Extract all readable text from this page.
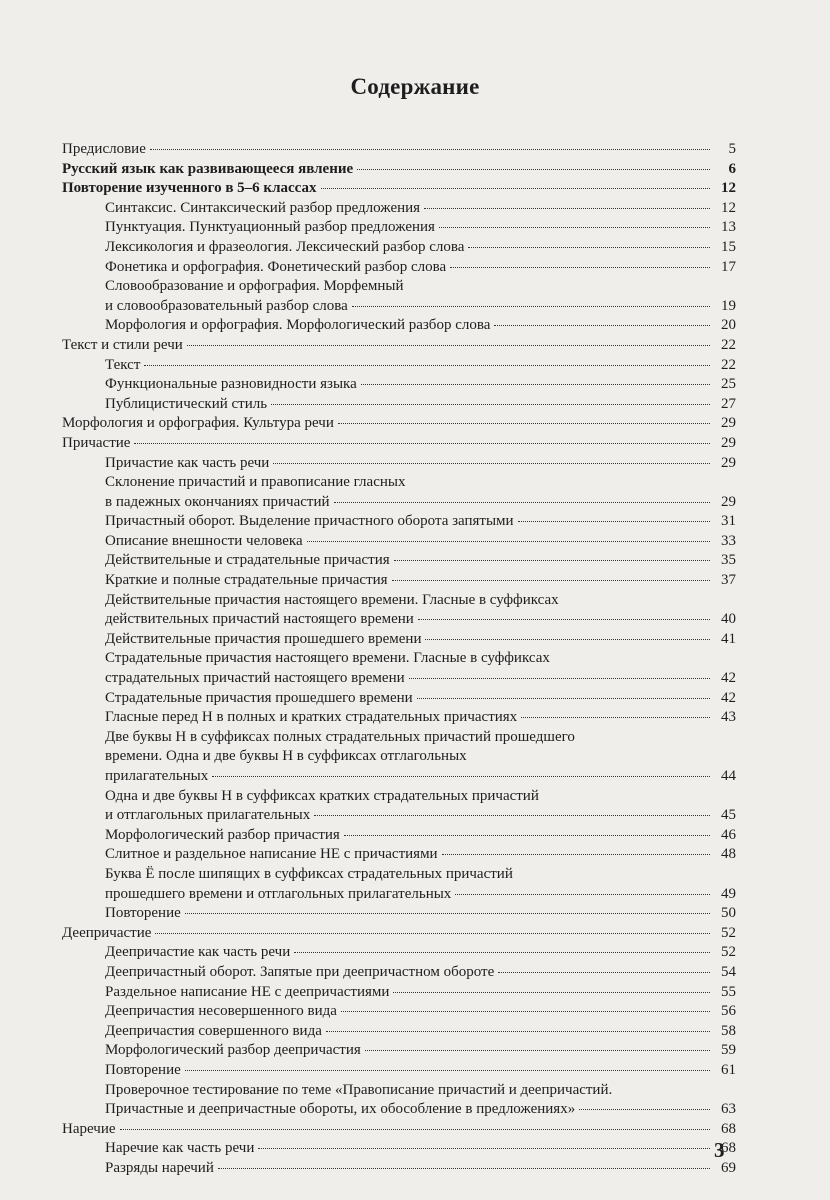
Содержание
Предисловие	5
Русский язык как развивающееся явление	6
Повторение изученного в 5–6 классах	12
Синтаксис. Синтаксический разбор предложения	12
Пунктуация. Пунктуационный разбор предложения	13
Лексикология и фразеология. Лексический разбор слова	15
Фонетика и орфография. Фонетический разбор слова	17
Словообразование и орфография. Морфемный
и словообразовательный разбор слова	19
Морфология и орфография. Морфологический разбор слова	20
Текст и стили речи	22
Текст	22
Функциональные разновидности языка	25
Публицистический стиль	27
Морфология и орфография. Культура речи	29
Причастие	29
Причастие как часть речи	29
Склонение причастий и правописание гласных
в падежных окончаниях причастий	29
Причастный оборот. Выделение причастного оборота запятыми	31
Описание внешности человека	33
Действительные и страдательные причастия	35
Краткие и полные страдательные причастия	37
Действительные причастия настоящего времени. Гласные в суффиксах
действительных причастий настоящего времени	40
Действительные причастия прошедшего времени	41
Страдательные причастия настоящего времени. Гласные в суффиксах
страдательных причастий настоящего времени	42
Страдательные причастия прошедшего времени	42
Гласные перед Н в полных и кратких страдательных причастиях	43
Две буквы Н в суффиксах полных страдательных причастий прошедшего
времени. Одна и две буквы Н в суффиксах отглагольных
прилагательных	44
Одна и две буквы Н в суффиксах кратких страдательных причастий
и отглагольных прилагательных	45
Морфологический разбор причастия	46
Слитное и раздельное написание НЕ с причастиями	48
Буква Ё после шипящих в суффиксах страдательных причастий
прошедшего времени и отглагольных прилагательных	49
Повторение	50
Деепричастие	52
Деепричастие как часть речи	52
Деепричастный оборот. Запятые при деепричастном обороте	54
Раздельное написание НЕ с деепричастиями	55
Деепричастия несовершенного вида	56
Деепричастия совершенного вида	58
Морфологический разбор деепричастия	59
Повторение	61
Проверочное тестирование по теме «Правописание причастий и деепричастий.
Причастные и деепричастные обороты, их обособление в предложениях»	63
Наречие	68
Наречие как часть речи	68
Разряды наречий	69
3
